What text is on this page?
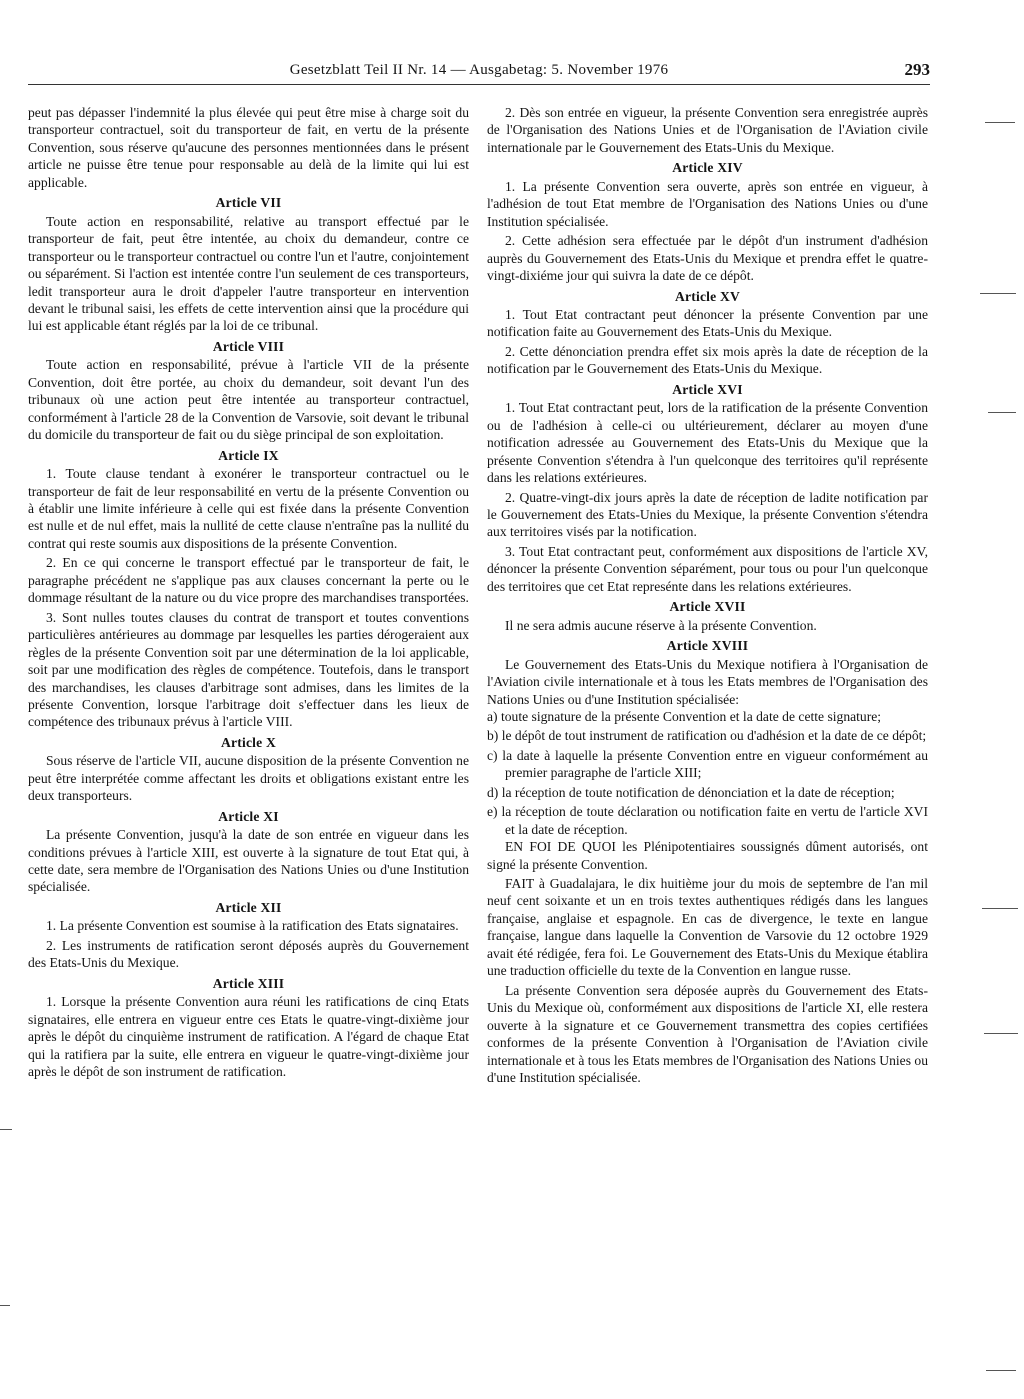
Gesetzblatt Teil II Nr. 14 — Ausgabetag: 5. November 1976	293

peut pas dépasser l'indemnité la plus élevée qui peut être mise à charge soit du transporteur contractuel, soit du transporteur de fait, en vertu de la présente Convention, sous réserve qu'aucune des personnes mentionnées dans le présent article ne puisse être tenue pour responsable au delà de la limite qui lui est applicable.

Article VII

Toute action en responsabilité, relative au transport effectué par le transporteur de fait, peut être intentée, au choix du demandeur, contre ce transporteur ou le transporteur contractuel ou contre l'un et l'autre, conjointement ou séparément. Si l'action est intentée contre l'un seulement de ces transporteurs, ledit transporteur aura le droit d'appeler l'autre transporteur en intervention devant le tribunal saisi, les effets de cette intervention ainsi que la procédure qui lui est applicable étant réglés par la loi de ce tribunal.

Article VIII

Toute action en responsabilité, prévue à l'article VII de la présente Convention, doit être portée, au choix du demandeur, soit devant l'un des tribunaux où une action peut être intentée au transporteur contractuel, conformément à l'article 28 de la Convention de Varsovie, soit devant le tribunal du domicile du transporteur de fait ou du siège principal de son exploitation.

Article IX

1. Toute clause tendant à exonérer le transporteur contractuel ou le transporteur de fait de leur responsabilité en vertu de la présente Convention ou à établir une limite inférieure à celle qui est fixée dans la présente Convention est nulle et de nul effet, mais la nullité de cette clause n'entraîne pas la nullité du contrat qui reste soumis aux dispositions de la présente Convention.

2. En ce qui concerne le transport effectué par le transporteur de fait, le paragraphe précédent ne s'applique pas aux clauses concernant la perte ou le dommage résultant de la nature ou du vice propre des marchandises transportées.

3. Sont nulles toutes clauses du contrat de transport et toutes conventions particulières antérieures au dommage par lesquelles les parties dérogeraient aux règles de la présente Convention soit par une détermination de la loi applicable, soit par une modification des règles de compétence. Toutefois, dans le transport des marchandises, les clauses d'arbitrage sont admises, dans les limites de la présente Convention, lorsque l'arbitrage doit s'effectuer dans les lieux de compétence des tribunaux prévus à l'article VIII.

Article X

Sous réserve de l'article VII, aucune disposition de la présente Convention ne peut être interprétée comme affectant les droits et obligations existant entre les deux transporteurs.

Article XI

La présente Convention, jusqu'à la date de son entrée en vigueur dans les conditions prévues à l'article XIII, est ouverte à la signature de tout Etat qui, à cette date, sera membre de l'Organisation des Nations Unies ou d'une Institution spécialisée.

Article XII

1. La présente Convention est soumise à la ratification des Etats signataires.

2. Les instruments de ratification seront déposés auprès du Gouvernement des Etats-Unis du Mexique.

Article XIII

1. Lorsque la présente Convention aura réuni les ratifications de cinq Etats signataires, elle entrera en vigueur entre ces Etats le quatre-vingt-dixième jour après le dépôt du cinquième instrument de ratification. A l'égard de chaque Etat qui la ratifiera par la suite, elle entrera en vigueur le quatre-vingt-dixième jour après le dépôt de son instrument de ratification.

2. Dès son entrée en vigueur, la présente Convention sera enregistrée auprès de l'Organisation des Nations Unies et de l'Organisation de l'Aviation civile internationale par le Gouvernement des Etats-Unis du Mexique.

Article XIV

1. La présente Convention sera ouverte, après son entrée en vigueur, à l'adhésion de tout Etat membre de l'Organisation des Nations Unies ou d'une Institution spécialisée.

2. Cette adhésion sera effectuée par le dépôt d'un instrument d'adhésion auprès du Gouvernement des Etats-Unis du Mexique et prendra effet le quatre-vingt-dixiéme jour qui suivra la date de ce dépôt.

Article XV

1. Tout Etat contractant peut dénoncer la présente Convention par une notification faite au Gouvernement des Etats-Unis du Mexique.

2. Cette dénonciation prendra effet six mois après la date de réception de la notification par le Gouvernement des Etats-Unis du Mexique.

Article XVI

1. Tout Etat contractant peut, lors de la ratification de la présente Convention ou de l'adhésion à celle-ci ou ultérieurement, déclarer au moyen d'une notification adressée au Gouvernement des Etats-Unis du Mexique que la présente Convention s'étendra à l'un quelconque des territoires qu'il représente dans les relations extérieures.

2. Quatre-vingt-dix jours après la date de réception de ladite notification par le Gouvernement des Etats-Unies du Mexique, la présente Convention s'étendra aux territoires visés par la notification.

3. Tout Etat contractant peut, conformément aux dispositions de l'article XV, dénoncer la présente Convention séparément, pour tous ou pour l'un quelconque des territoires que cet Etat represénte dans les relations extérieures.

Article XVII

Il ne sera admis aucune réserve à la présente Convention.

Article XVIII

Le Gouvernement des Etats-Unis du Mexique notifiera à l'Organisation de l'Aviation civile internationale et à tous les Etats membres de l'Organisation des Nations Unies ou d'une Institution spécialisée:

a) toute signature de la présente Convention et la date de cette signature;

b) le dépôt de tout instrument de ratification ou d'adhésion et la date de ce dépôt;

c) la date à laquelle la présente Convention entre en vigueur conformément au premier paragraphe de l'article XIII;

d) la réception de toute notification de dénonciation et la date de réception;

e) la réception de toute déclaration ou notification faite en vertu de l'article XVI et la date de réception.

EN FOI DE QUOI les Plénipotentiaires soussignés dûment autorisés, ont signé la présente Convention.

FAIT à Guadalajara, le dix huitième jour du mois de septembre de l'an mil neuf cent soixante et un en trois textes authentiques rédigés dans les langues française, anglaise et espagnole. En cas de divergence, le texte en langue française, langue dans laquelle la Convention de Varsovie du 12 octobre 1929 avait été rédigée, fera foi. Le Gouvernement des Etats-Unis du Mexique établira une traduction officielle du texte de la Convention en langue russe.

La présente Convention sera déposée auprès du Gouvernement des Etats-Unis du Mexique où, conformément aux dispositions de l'article XI, elle restera ouverte à la signature et ce Gouvernement transmettra des copies certifiées conformes de la présente Convention à l'Organisation de l'Aviation civile internationale et à tous les Etats membres de l'Organisation des Nations Unies ou d'une Institution spécialisée.
